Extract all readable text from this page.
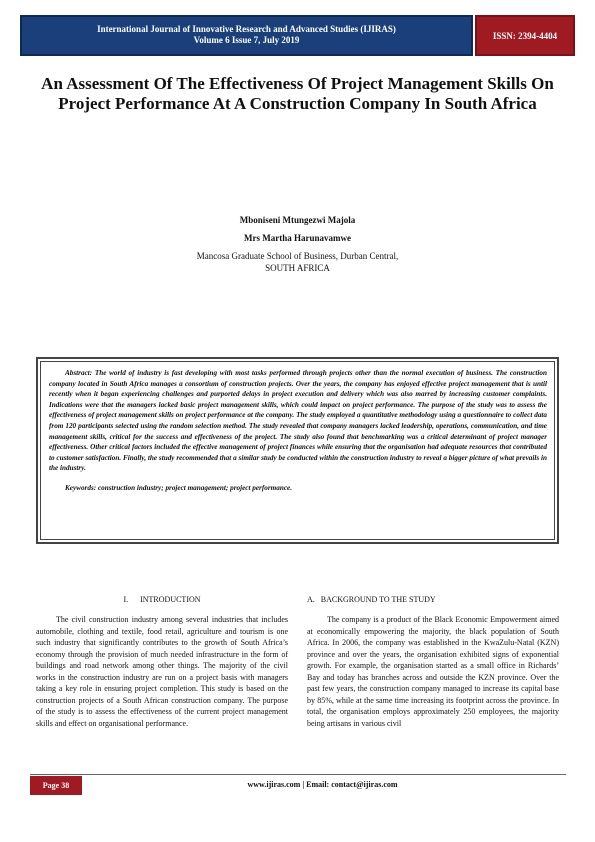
International Journal of Innovative Research and Advanced Studies (IJIRAS)
Volume 6 Issue 7, July 2019	ISSN: 2394-4404
An Assessment Of The Effectiveness Of Project Management Skills On Project Performance At A Construction Company In South Africa
Mboniseni Mtungezwi Majola
Mrs Martha Harunavamwe
Mancosa Graduate School of Business, Durban Central,
SOUTH AFRICA

Abstract: The world of industry is fast developing with most tasks performed through projects other than the normal execution of business. The construction company located in South Africa manages a consortium of construction projects. Over the years, the company has enjoyed effective project management that is until recently when it began experiencing challenges and purported delays in project execution and delivery which was also marred by increasing customer complaints. Indications were that the managers lacked basic project management skills, which could impact on project performance. The purpose of the study was to assess the effectiveness of project management skills on project performance at the company. The study employed a quantitative methodology using a questionnaire to collect data from 120 participants selected using the random selection method. The study revealed that company managers lacked leadership, operations, communication, and time management skills, critical for the success and effectiveness of the project. The study also found that benchmarking was a critical determinant of project manager effectiveness. Other critical factors included the effective management of project finances while ensuring that the organisation had adequate resources that contributed to customer satisfaction. Finally, the study recommended that a similar study be conducted within the construction industry to reveal a bigger picture of what prevails in the industry.

Keywords: construction industry; project management; project performance.

I.      INTRODUCTION

The civil construction industry among several industries that includes automobile, clothing and textile, food retail, agriculture and tourism is one such industry that significantly contributes to the growth of South Africa’s economy through the provision of much needed infrastructure in the form of buildings and road network among other things. The majority of the civil works in the construction industry are run on a project basis with managers taking a key role in ensuring project completion. This study is based on the construction projects of a South African construction company. The purpose of the study is to assess the effectiveness of the current project management skills and effect on organisational performance.

A.   BACKGROUND TO THE STUDY

The company is a product of the Black Economic Empowerment aimed at economically empowering the majority, the black population of South Africa. In 2006, the company was established in the KwaZulu-Natal (KZN) province and over the years, the organisation exhibited signs of exponential growth. For example, the organisation started as a small office in Richards’ Bay and today has branches across and outside the KZN province. Over the past few years, the construction company managed to increase its capital base by 85%, while at the same time increasing its footprint across the province. In total, the organisation employs approximately 250 employees, the majority being artisans in various civil

Page 38	www.ijiras.com | Email: contact@ijiras.com
